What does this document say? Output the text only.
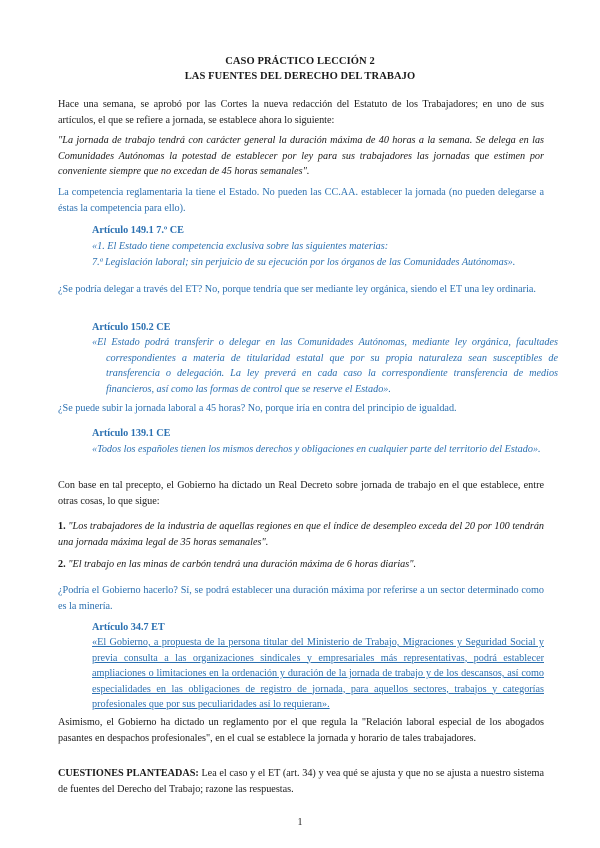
CASO PRÁCTICO LECCIÓN 2
LAS FUENTES DEL DERECHO DEL TRABAJO
Hace una semana, se aprobó por las Cortes la nueva redacción del Estatuto de los Trabajadores; en uno de sus artículos, el que se refiere a jornada, se establece ahora lo siguiente:
"La jornada de trabajo tendrá con carácter general la duración máxima de 40 horas a la semana. Se delega en las Comunidades Autónomas la potestad de establecer por ley para sus trabajadores las jornadas que estimen por conveniente siempre que no excedan de 45 horas semanales".
La competencia reglamentaria la tiene el Estado. No pueden las CC.AA. establecer la jornada (no pueden delegarse a éstas la competencia para ello).
Artículo 149.1 7.º CE
«1. El Estado tiene competencia exclusiva sobre las siguientes materias:
7.ª Legislación laboral; sin perjuicio de su ejecución por los órganos de las Comunidades Autónomas».
¿Se podría delegar a través del ET? No, porque tendría que ser mediante ley orgánica, siendo el ET una ley ordinaria.
Artículo 150.2 CE
«El Estado podrá transferir o delegar en las Comunidades Autónomas, mediante ley orgánica, facultades correspondientes a materia de titularidad estatal que por su propia naturaleza sean susceptibles de transferencia o delegación. La ley preverá en cada caso la correspondiente transferencia de medios financieros, así como las formas de control que se reserve el Estado».
¿Se puede subir la jornada laboral a 45 horas? No, porque iría en contra del principio de igualdad.
Artículo 139.1 CE
«Todos los españoles tienen los mismos derechos y obligaciones en cualquier parte del territorio del Estado».
Con base en tal precepto, el Gobierno ha dictado un Real Decreto sobre jornada de trabajo en el que establece, entre otras cosas, lo que sigue:
1. "Los trabajadores de la industria de aquellas regiones en que el índice de desempleo exceda del 20 por 100 tendrán una jornada máxima legal de 35 horas semanales".
2. "El trabajo en las minas de carbón tendrá una duración máxima de 6 horas diarias".
¿Podría el Gobierno hacerlo? Sí, se podrá establecer una duración máxima por referirse a un sector determinado como es la minería.
Artículo 34.7 ET
«El Gobierno, a propuesta de la persona titular del Ministerio de Trabajo, Migraciones y Seguridad Social y previa consulta a las organizaciones sindicales y empresariales más representativas, podrá establecer ampliaciones o limitaciones en la ordenación y duración de la jornada de trabajo y de los descansos, así como especialidades en las obligaciones de registro de jornada, para aquellos sectores, trabajos y categorías profesionales que por sus peculiaridades así lo requieran».
Asimismo, el Gobierno ha dictado un reglamento por el que regula la "Relación laboral especial de los abogados pasantes en despachos profesionales", en el cual se establece la jornada y horario de tales trabajadores.
CUESTIONES PLANTEADAS: Lea el caso y el ET (art. 34) y vea qué se ajusta y que no se ajusta a nuestro sistema de fuentes del Derecho del Trabajo; razone las respuestas.
1
